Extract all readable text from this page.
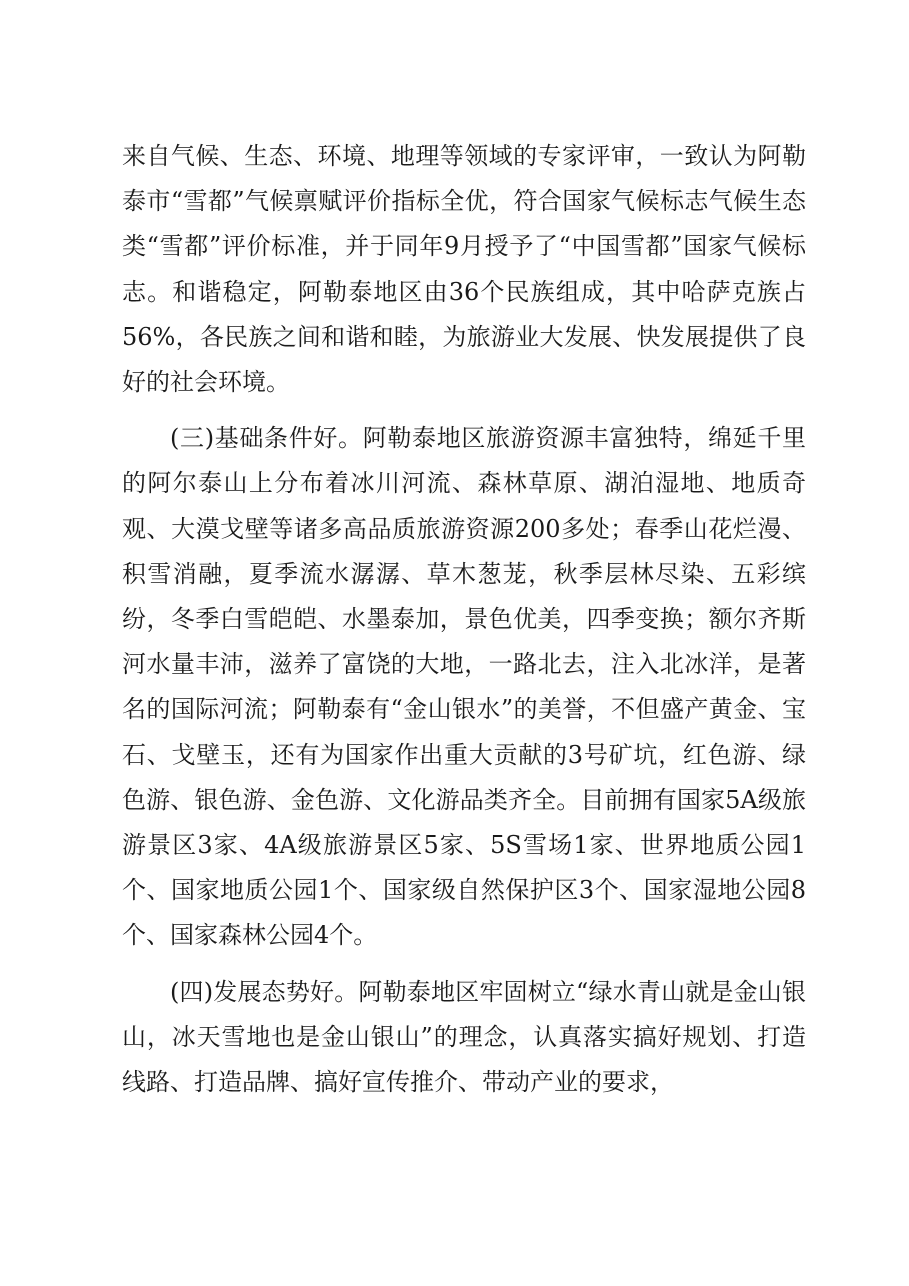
来自气候、生态、环境、地理等领域的专家评审，一致认为阿勒泰市“雪都”气候禀赋评价指标全优，符合国家气候标志气候生态类“雪都”评价标准，并于同年9月授予了“中国雪都”国家气候标志。和谐稳定，阿勒泰地区由36个民族组成，其中哈萨克族占56%，各民族之间和谐和睦，为旅游业大发展、快发展提供了良好的社会环境。

(三)基础条件好。阿勒泰地区旅游资源丰富独特，绵延千里的阿尔泰山上分布着冰川河流、森林草原、湖泊湿地、地质奇观、大漠戈壁等诸多高品质旅游资源200多处；春季山花烂漫、积雪消融，夏季流水潺潺、草木葱茏，秋季层林尽染、五彩缤纷，冬季白雪皑皑、水墨泰加，景色优美，四季变换；额尔齐斯河水量丰沛，滋养了富饶的大地，一路北去，注入北冰洋，是著名的国际河流；阿勒泰有“金山银水”的美誉，不但盛产黄金、宝石、戈壁玉，还有为国家作出重大贡献的3号矿坑，红色游、绿色游、银色游、金色游、文化游品类齐全。目前拥有国家5A级旅游景区3家、4A级旅游景区5家、5S雪场1家、世界地质公园1个、国家地质公园1个、国家级自然保护区3个、国家湿地公园8个、国家森林公园4个。

(四)发展态势好。阿勒泰地区牢固树立“绿水青山就是金山银山，冰天雪地也是金山银山”的理念，认真落实搞好规划、打造线路、打造品牌、搞好宣传推介、带动产业的要求，
